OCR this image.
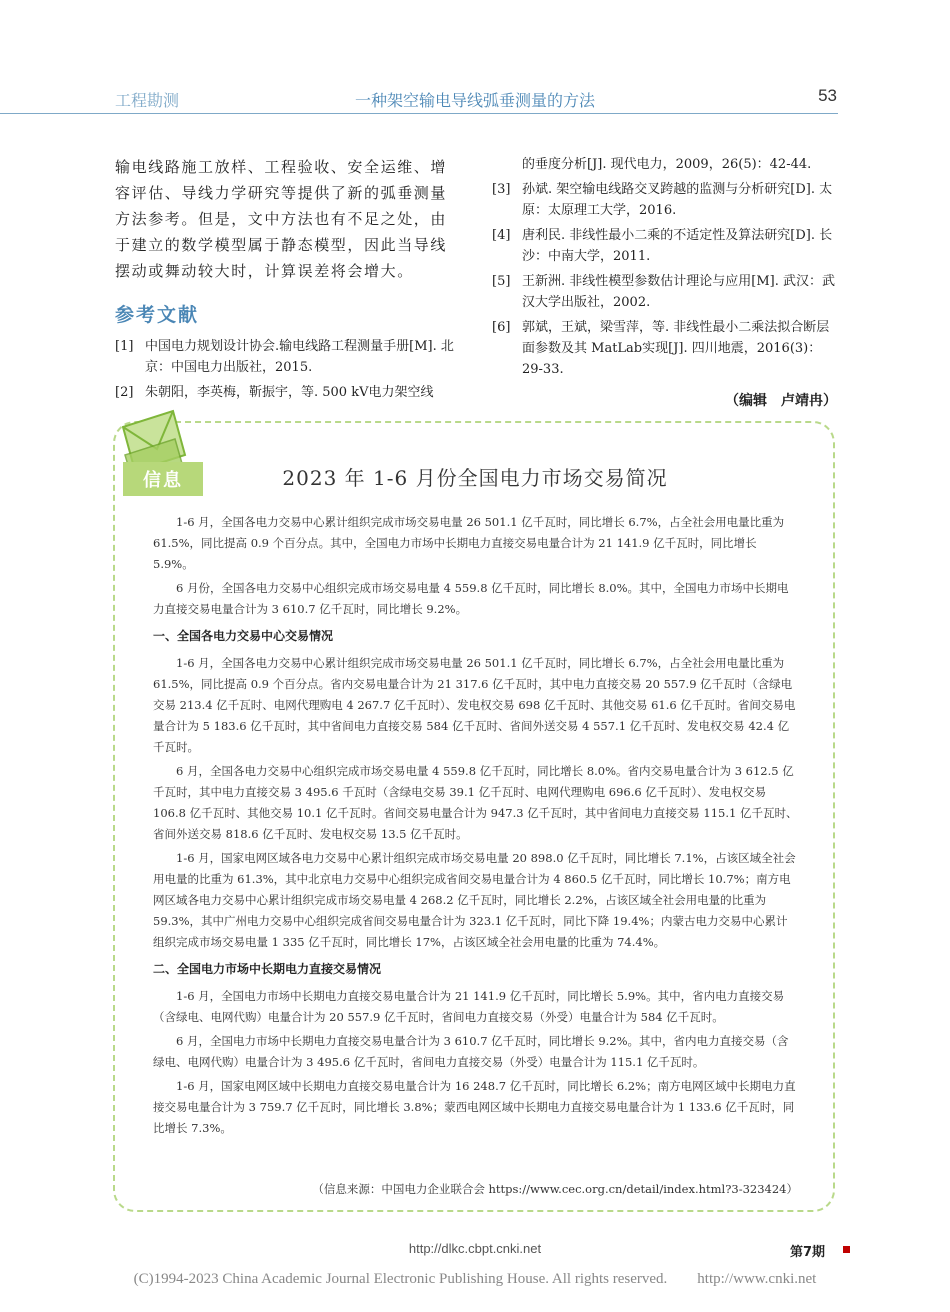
工程勘测	一种架空输电导线弧垂测量的方法	53

输电线路施工放样、工程验收、安全运维、增容评估、导线力学研究等提供了新的弧垂测量方法参考。但是，文中方法也有不足之处，由于建立的数学模型属于静态模型，因此当导线摆动或舞动较大时，计算误差将会增大。

参考文献
[1] 中国电力规划设计协会.输电线路工程测量手册[M]. 北京：中国电力出版社，2015.
[2] 朱朝阳，李英梅，靳振宇，等. 500 kV电力架空线
的垂度分析[J]. 现代电力，2009，26(5)：42-44.
[3] 孙斌. 架空输电线路交叉跨越的监测与分析研究[D]. 太原：太原理工大学，2016.
[4] 唐利民. 非线性最小二乘的不适定性及算法研究[D]. 长沙：中南大学，2011.
[5] 王新洲. 非线性模型参数估计理论与应用[M]. 武汉：武汉大学出版社，2002.
[6] 郭斌，王斌，梁雪萍，等. 非线性最小二乘法拟合断层面参数及其 MatLab实现[J]. 四川地震，2016(3)：29-33.
（编辑　卢靖冉）
信息	2023 年 1-6 月份全国电力市场交易简况

1-6 月，全国各电力交易中心累计组织完成市场交易电量 26 501.1 亿千瓦时，同比增长 6.7%，占全社会用电量比重为 61.5%，同比提高 0.9 个百分点。其中，全国电力市场中长期电力直接交易电量合计为 21 141.9 亿千瓦时，同比增长 5.9%。

6 月份，全国各电力交易中心组织完成市场交易电量 4 559.8 亿千瓦时，同比增长 8.0%。其中，全国电力市场中长期电力直接交易电量合计为 3 610.7 亿千瓦时，同比增长 9.2%。

一、全国各电力交易中心交易情况

1-6 月，全国各电力交易中心累计组织完成市场交易电量 26 501.1 亿千瓦时，同比增长 6.7%，占全社会用电量比重为 61.5%，同比提高 0.9 个百分点。省内交易电量合计为 21 317.6 亿千瓦时，其中电力直接交易 20 557.9 亿千瓦时（含绿电交易 213.4 亿千瓦时、电网代理购电 4 267.7 亿千瓦时）、发电权交易 698 亿千瓦时、其他交易 61.6 亿千瓦时。省间交易电量合计为 5 183.6 亿千瓦时，其中省间电力直接交易 584 亿千瓦时、省间外送交易 4 557.1 亿千瓦时、发电权交易 42.4 亿千瓦时。

6 月，全国各电力交易中心组织完成市场交易电量 4 559.8 亿千瓦时，同比增长 8.0%。省内交易电量合计为 3 612.5 亿千瓦时，其中电力直接交易 3 495.6 千瓦时（含绿电交易 39.1 亿千瓦时、电网代理购电 696.6 亿千瓦时）、发电权交易 106.8 亿千瓦时、其他交易 10.1 亿千瓦时。省间交易电量合计为 947.3 亿千瓦时，其中省间电力直接交易 115.1 亿千瓦时、省间外送交易 818.6 亿千瓦时、发电权交易 13.5 亿千瓦时。

1-6 月，国家电网区域各电力交易中心累计组织完成市场交易电量 20 898.0 亿千瓦时，同比增长 7.1%，占该区域全社会用电量的比重为 61.3%，其中北京电力交易中心组织完成省间交易电量合计为 4 860.5 亿千瓦时，同比增长 10.7%；南方电网区域各电力交易中心累计组织完成市场交易电量 4 268.2 亿千瓦时，同比增长 2.2%，占该区域全社会用电量的比重为 59.3%，其中广州电力交易中心组织完成省间交易电量合计为 323.1 亿千瓦时，同比下降 19.4%；内蒙古电力交易中心累计组织完成市场交易电量 1 335 亿千瓦时，同比增长 17%，占该区域全社会用电量的比重为 74.4%。

二、全国电力市场中长期电力直接交易情况

1-6 月，全国电力市场中长期电力直接交易电量合计为 21 141.9 亿千瓦时，同比增长 5.9%。其中，省内电力直接交易（含绿电、电网代购）电量合计为 20 557.9 亿千瓦时，省间电力直接交易（外受）电量合计为 584 亿千瓦时。

6 月，全国电力市场中长期电力直接交易电量合计为 3 610.7 亿千瓦时，同比增长 9.2%。其中，省内电力直接交易（含绿电、电网代购）电量合计为 3 495.6 亿千瓦时，省间电力直接交易（外受）电量合计为 115.1 亿千瓦时。

1-6 月，国家电网区域中长期电力直接交易电量合计为 16 248.7 亿千瓦时，同比增长 6.2%；南方电网区域中长期电力直接交易电量合计为 3 759.7 亿千瓦时，同比增长 3.8%；蒙西电网区域中长期电力直接交易电量合计为 1 133.6 亿千瓦时，同比增长 7.3%。

（信息来源：中国电力企业联合会 https://www.cec.org.cn/detail/index.html?3-323424）
http://dlkc.cbpt.cnki.net	第7期
(C)1994-2023 China Academic Journal Electronic Publishing House. All rights reserved.　　http://www.cnki.net
